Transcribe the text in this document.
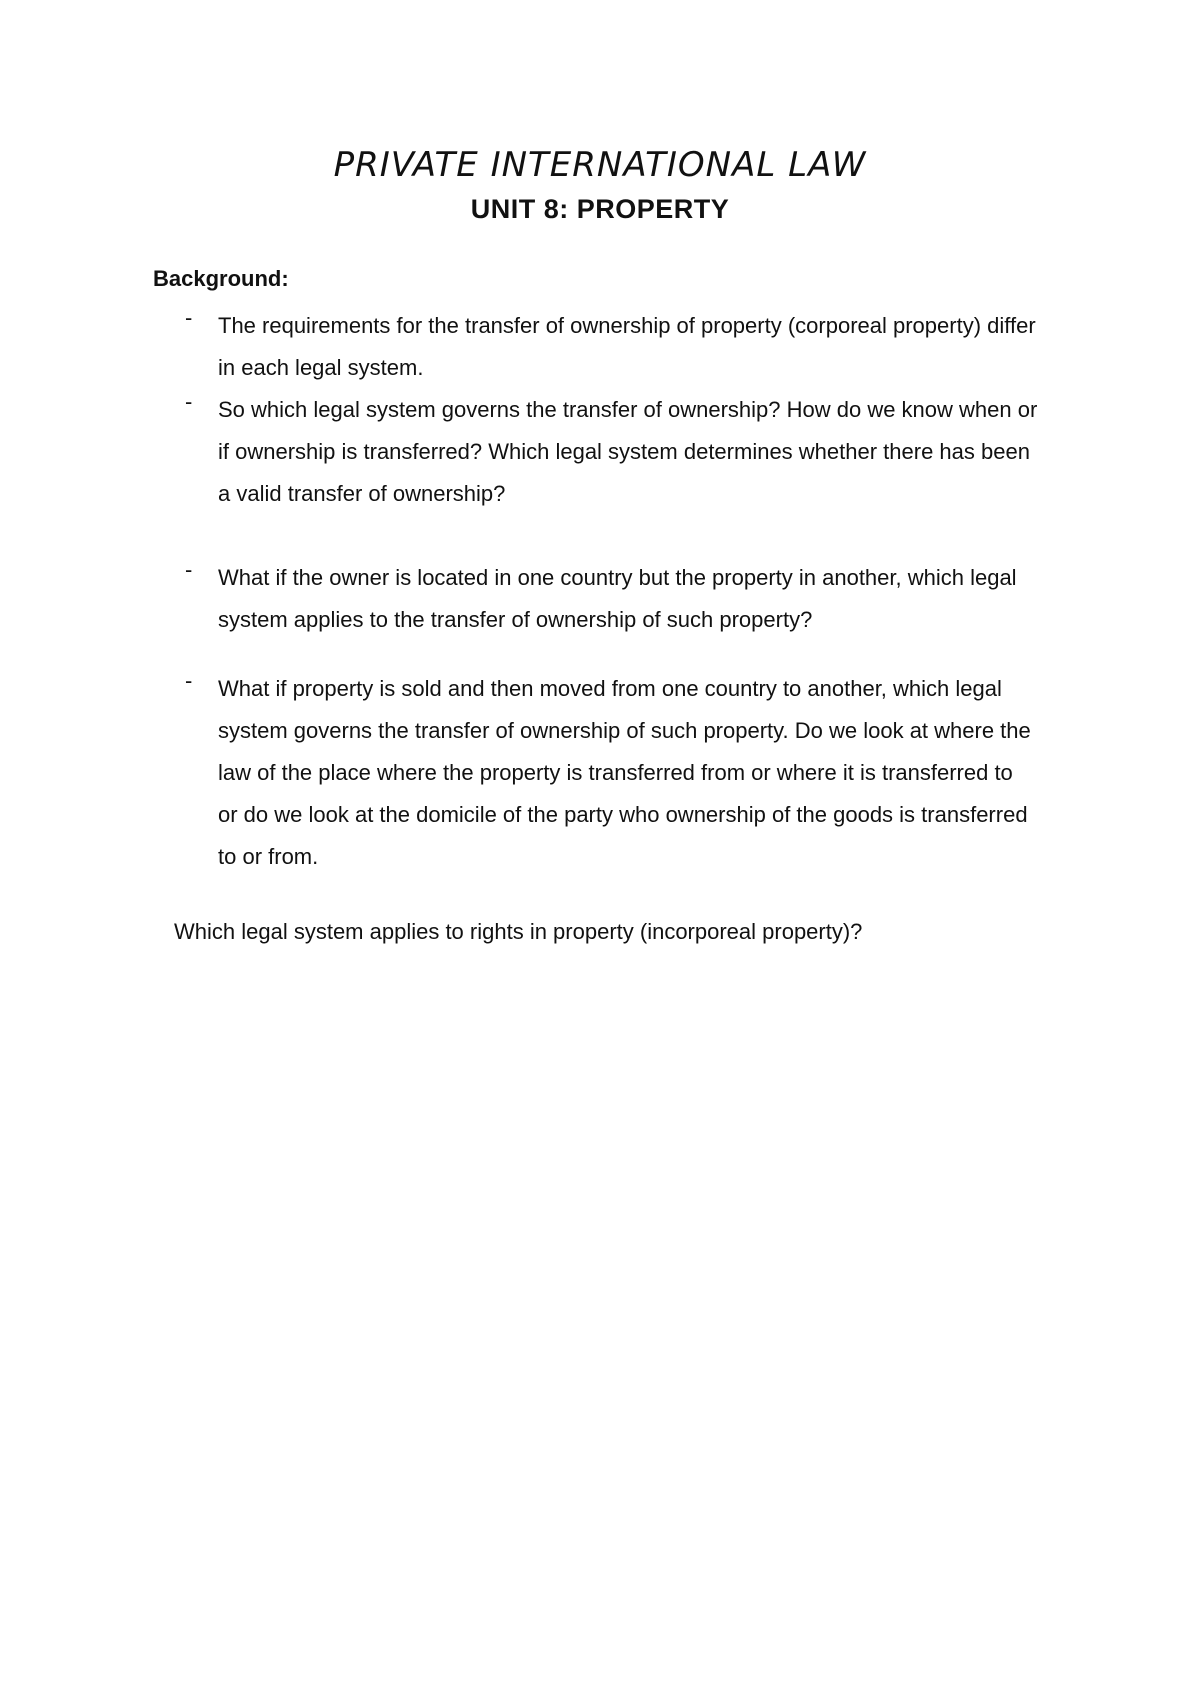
PRIVATE INTERNATIONAL LAW
UNIT 8: PROPERTY
Background:
- The requirements for the transfer of ownership of property (corporeal property) differ in each legal system.
- So which legal system governs the transfer of ownership? How do we know when or if ownership is transferred? Which legal system determines whether there has been a valid transfer of ownership?
- What if the owner is located in one country but the property in another, which legal system applies to the transfer of ownership of such property?
- What if property is sold and then moved from one country to another, which legal system governs the transfer of ownership of such property. Do we look at where the law of the place where the property is transferred from or where it is transferred to or do we look at the domicile of the party who ownership of the goods is transferred to or from.
Which legal system applies to rights in property (incorporeal property)?
